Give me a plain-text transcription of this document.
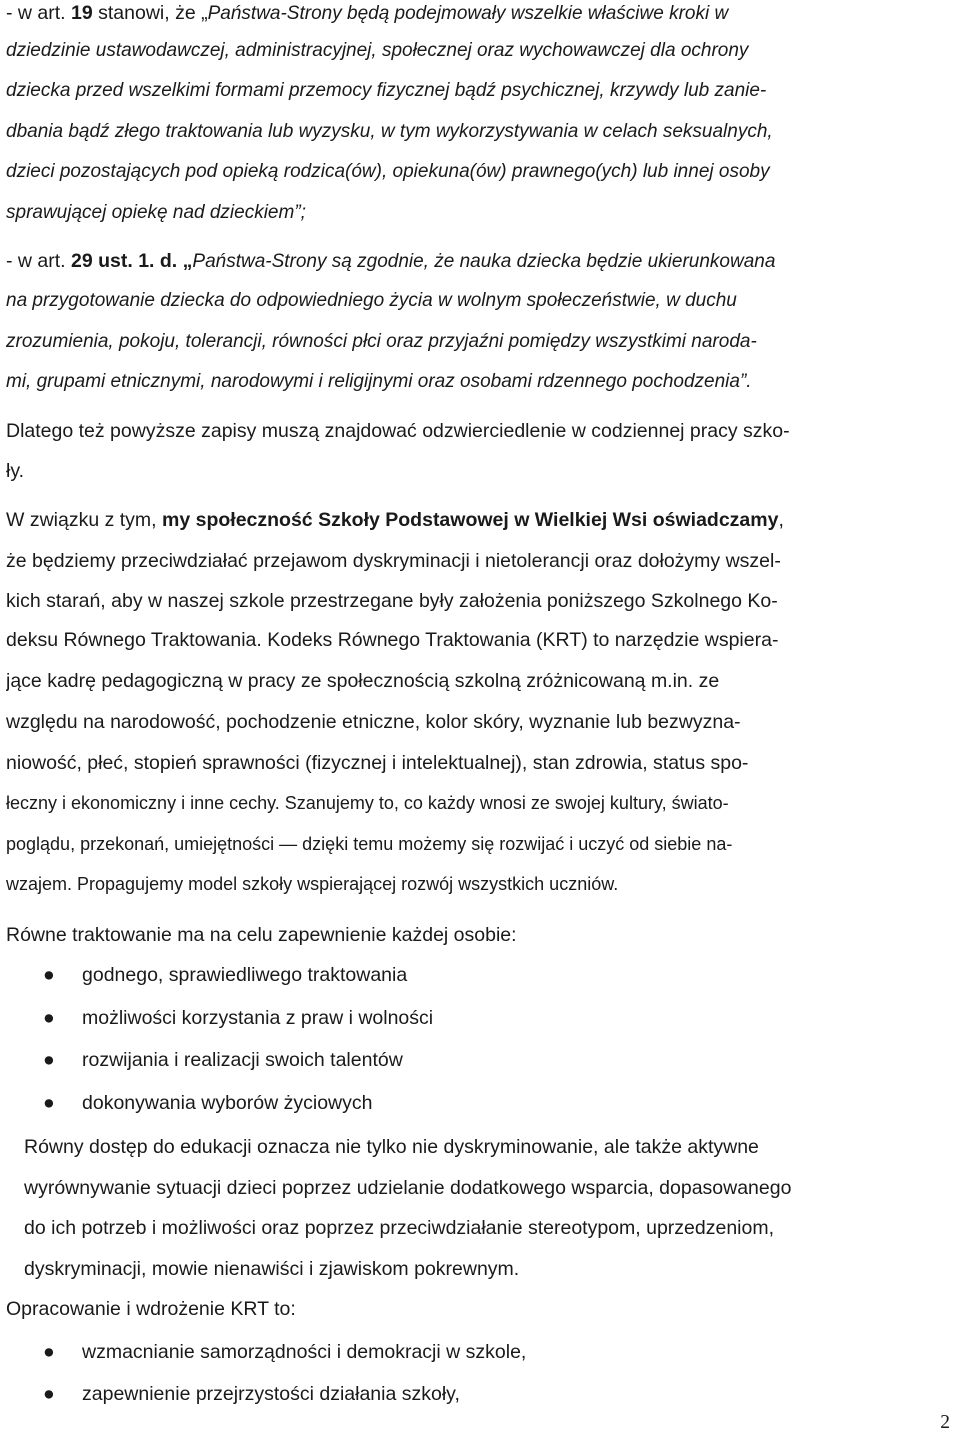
- w art. 19 stanowi, że „Państwa-Strony będą podejmowały wszelkie właściwe kroki w
dziedzinie ustawodawczej, administracyjnej, społecznej oraz wychowawczej dla ochrony
dziecka przed wszelkimi formami przemocy fizycznej bądź psychicznej, krzywdy lub zanie-
dbania bądź złego traktowania lub wyzysku, w tym wykorzystywania w celach seksualnych,
dzieci pozostających pod opieką rodzica(ów), opiekuna(ów) prawnego(ych) lub innej osoby
sprawującej opiekę nad dzieckiem”;
- w art. 29 ust. 1. d. „Państwa-Strony są zgodnie, że nauka dziecka będzie ukierunkowana
na przygotowanie dziecka do odpowiedniego życia w wolnym społeczeństwie, w duchu
zrozumienia, pokoju, tolerancji, równości płci oraz przyjaźni pomiędzy wszystkimi naroda-
mi, grupami etnicznymi, narodowymi i religijnymi oraz osobami rdzennego pochodzenia”.
Dlatego też powyższe zapisy muszą znajdować odzwierciedlenie w codziennej pracy szko-
ły.
W związku z tym, my społeczność Szkoły Podstawowej w Wielkiej Wsi oświadczamy,
że będziemy przeciwdziałać przejawom dyskryminacji i nietolerancji oraz dołożymy wszel-
kich starań, aby w naszej szkole przestrzegane były założenia poniższego Szkolnego Ko-
deksu Równego Traktowania. Kodeks Równego Traktowania (KRT) to narzędzie wspiera-
jące kadrę pedagogiczną w pracy ze społecznością szkolną zróżnicowaną m.in. ze
względu na narodowość, pochodzenie etniczne, kolor skóry, wyznanie lub bezwyzna-
niowość, płeć, stopień sprawności (fizycznej i intelektualnej), stan zdrowia, status spo-
łeczny i ekonomiczny i inne cechy. Szanujemy to, co każdy wnosi ze swojej kultury, świato-
poglądu, przekonań, umiejętności — dzięki temu możemy się rozwijać i uczyć od siebie na-
wzajem. Propagujemy model szkoły wspierającej rozwój wszystkich uczniów.
Równe traktowanie ma na celu zapewnienie każdej osobie:
● godnego, sprawiedliwego traktowania
● możliwości korzystania z praw i wolności
● rozwijania i realizacji swoich talentów
● dokonywania wyborów życiowych
Równy dostęp do edukacji oznacza nie tylko nie dyskryminowanie, ale także aktywne
wyrównywanie sytuacji dzieci poprzez udzielanie dodatkowego wsparcia, dopasowanego
do ich potrzeb i możliwości oraz poprzez przeciwdziałanie stereotypom, uprzedzeniom,
dyskryminacji, mowie nienawiści i zjawiskom pokrewnym.
Opracowanie i wdrożenie KRT to:
● wzmacnianie samorządności i demokracji w szkole,
● zapewnienie przejrzystości działania szkoły,
2
